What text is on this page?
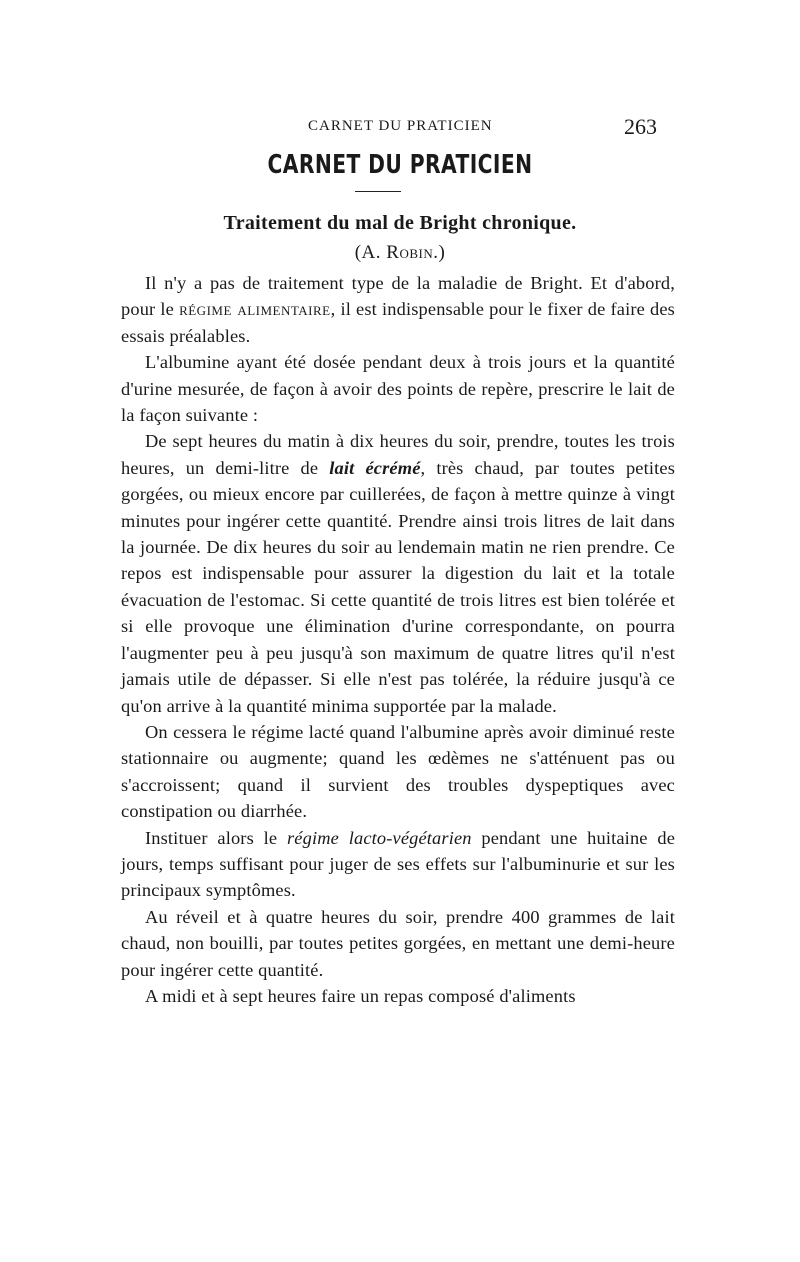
CARNET DU PRATICIEN	263
CARNET DU PRATICIEN
Traitement du mal de Bright chronique.
(A. Robin.)

Il n'y a pas de traitement type de la maladie de Bright. Et d'abord, pour le régime alimentaire, il est indispensable pour le fixer de faire des essais préalables.

L'albumine ayant été dosée pendant deux à trois jours et la quantité d'urine mesurée, de façon à avoir des points de repère, prescrire le lait de la façon suivante :

De sept heures du matin à dix heures du soir, prendre, toutes les trois heures, un demi-litre de lait écrémé, très chaud, par toutes petites gorgées, ou mieux encore par cuillerées, de façon à mettre quinze à vingt minutes pour ingérer cette quantité. Prendre ainsi trois litres de lait dans la journée. De dix heures du soir au lendemain matin ne rien prendre. Ce repos est indispensable pour assurer la digestion du lait et la totale évacuation de l'estomac. Si cette quantité de trois litres est bien tolérée et si elle provoque une élimination d'urine correspondante, on pourra l'augmenter peu à peu jusqu'à son maximum de quatre litres qu'il n'est jamais utile de dépasser. Si elle n'est pas tolérée, la réduire jusqu'à ce qu'on arrive à la quantité minima supportée par la malade.

On cessera le régime lacté quand l'albumine après avoir diminué reste stationnaire ou augmente; quand les œdèmes ne s'atténuent pas ou s'accroissent; quand il survient des troubles dyspeptiques avec constipation ou diarrhée.

Instituer alors le régime lacto-végétarien pendant une huitaine de jours, temps suffisant pour juger de ses effets sur l'albuminurie et sur les principaux symptômes.

Au réveil et à quatre heures du soir, prendre 400 grammes de lait chaud, non bouilli, par toutes petites gorgées, en mettant une demi-heure pour ingérer cette quantité.

A midi et à sept heures faire un repas composé d'aliments
